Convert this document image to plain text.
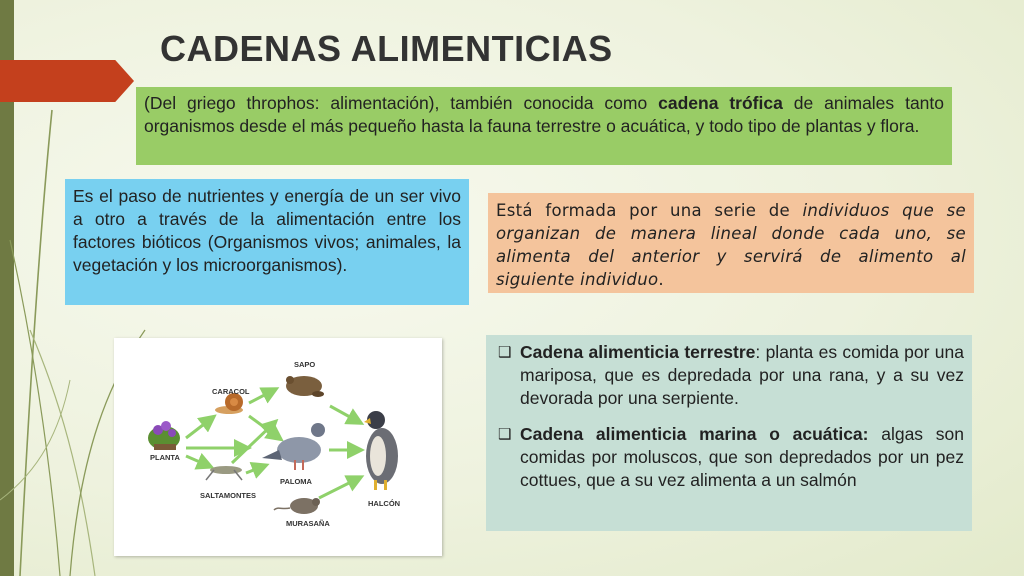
CADENAS ALIMENTICIAS
(Del griego throphos: alimentación), también conocida como cadena trófica de animales tanto organismos desde el más pequeño hasta la fauna terrestre o acuática, y todo tipo de plantas y flora.
Es el paso de nutrientes y energía de un ser vivo a otro a través de la alimentación entre los factores bióticos (Organismos vivos; animales, la vegetación y los microorganismos).
Está formada por una serie de individuos que se organizan de manera lineal donde cada uno, se alimenta del anterior y servirá de alimento al siguiente individuo.
❑ Cadena alimenticia terrestre: planta es comida por una mariposa, que es depredada por una rana, y a su vez devorada por una serpiente.
❑ Cadena alimenticia marina o acuática: algas son comidas por moluscos, que son depredados por un pez cottues, que a su vez alimenta a un salmón
PLANTA
CARACOL
SAPO
PALOMA
SALTAMONTES
MURASAÑA
HALCÓN
